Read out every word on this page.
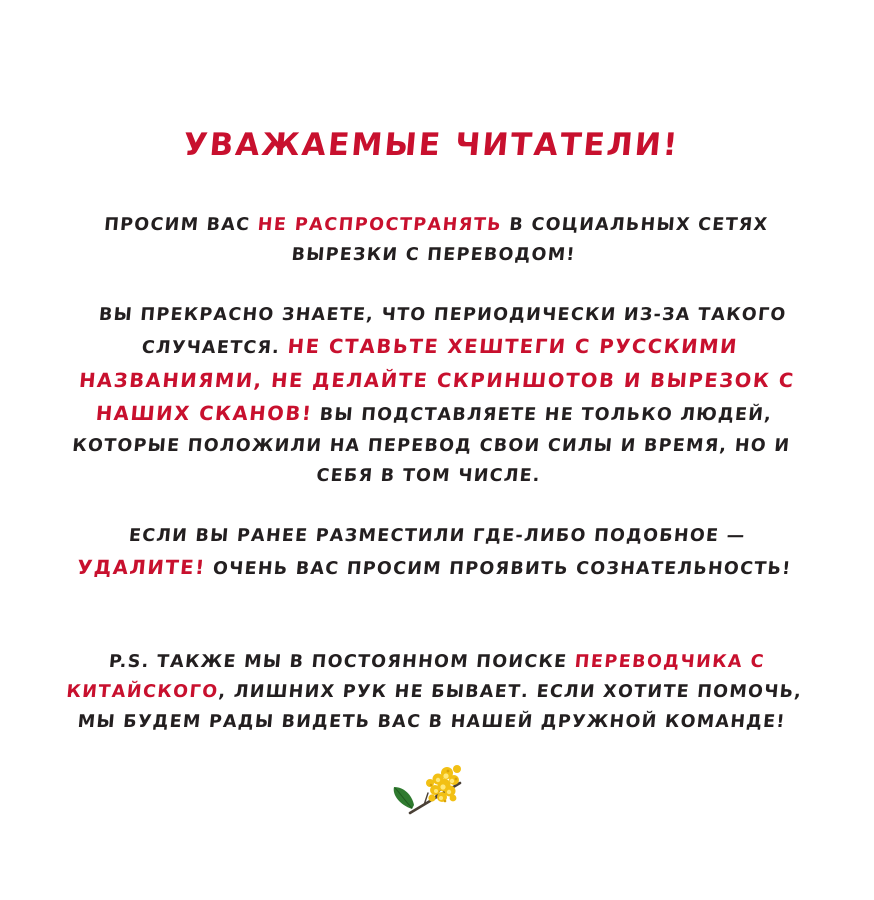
УВАЖАЕМЫЕ ЧИТАТЕЛИ!

ПРОСИМ ВАС НЕ РАСПРОСТРАНЯТЬ В СОЦИАЛЬНЫХ СЕТЯХ ВЫРЕЗКИ С ПЕРЕВОДОМ!

ВЫ ПРЕКРАСНО ЗНАЕТЕ, ЧТО ПЕРИОДИЧЕСКИ ИЗ-ЗА ТАКОГО СЛУЧАЕТСЯ. НЕ СТАВЬТЕ ХЕШТЕГИ С РУССКИМИ НАЗВАНИЯМИ, НЕ ДЕЛАЙТЕ СКРИНШОТОВ И ВЫРЕЗОК С НАШИХ СКАНОВ! ВЫ ПОДСТАВЛЯЕТЕ НЕ ТОЛЬКО ЛЮДЕЙ, КОТОРЫЕ ПОЛОЖИЛИ НА ПЕРЕВОД СВОИ СИЛЫ И ВРЕМЯ, НО И СЕБЯ В ТОМ ЧИСЛЕ.

ЕСЛИ ВЫ РАНЕЕ РАЗМЕСТИЛИ ГДЕ-ЛИБО ПОДОБНОЕ — УДАЛИТЕ! ОЧЕНЬ ВАС ПРОСИМ ПРОЯВИТЬ СОЗНАТЕЛЬНОСТЬ!

P.S. ТАКЖЕ МЫ В ПОСТОЯННОМ ПОИСКЕ ПЕРЕВОДЧИКА С КИТАЙСКОГО, ЛИШНИХ РУК НЕ БЫВАЕТ. ЕСЛИ ХОТИТЕ ПОМОЧЬ, МЫ БУДЕМ РАДЫ ВИДЕТЬ ВАС В НАШЕЙ ДРУЖНОЙ КОМАНДЕ!
